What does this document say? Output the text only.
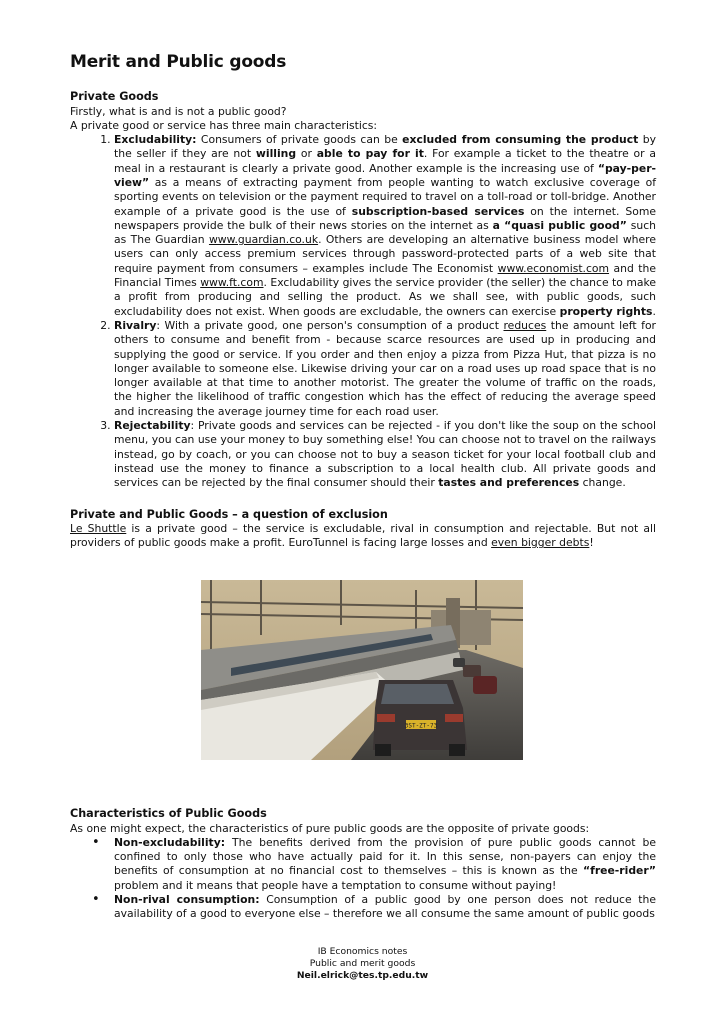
Merit and Public goods
Private Goods

Firstly, what is and is not a public good?

A private good or service has three main characteristics:

1. Excludability: Consumers of private goods can be excluded from consuming the product by the seller if they are not willing or able to pay for it. For example a ticket to the theatre or a meal in a restaurant is clearly a private good. Another example is the increasing use of “pay-per-view” as a means of extracting payment from people wanting to watch exclusive coverage of sporting events on television or the payment required to travel on a toll-road or toll-bridge. Another example of a private good is the use of subscription-based services on the internet. Some newspapers provide the bulk of their news stories on the internet as a “quasi public good” such as The Guardian www.guardian.co.uk. Others are developing an alternative business model where users can only access premium services through password-protected parts of a web site that require payment from consumers – examples include The Economist www.economist.com and the Financial Times www.ft.com. Excludability gives the service provider (the seller) the chance to make a profit from producing and selling the product. As we shall see, with public goods, such excludability does not exist. When goods are excludable, the owners can exercise property rights.
2. Rivalry: With a private good, one person's consumption of a product reduces the amount left for others to consume and benefit from - because scarce resources are used up in producing and supplying the good or service. If you order and then enjoy a pizza from Pizza Hut, that pizza is no longer available to someone else. Likewise driving your car on a road uses up road space that is no longer available at that time to another motorist. The greater the volume of traffic on the roads, the higher the likelihood of traffic congestion which has the effect of reducing the average speed and increasing the average journey time for each road user.
3. Rejectability: Private goods and services can be rejected - if you don't like the soup on the school menu, you can use your money to buy something else! You can choose not to travel on the railways instead, go by coach, or you can choose not to buy a season ticket for your local football club and instead use the money to finance a subscription to a local health club. All private goods and services can be rejected by the final consumer should their tastes and preferences change.
Private and Public Goods – a question of exclusion

Le Shuttle is a private good – the service is excludable, rival in consumption and rejectable. But not all providers of public goods make a profit. EuroTunnel is facing large losses and even bigger debts!

3ST-ZT-73
Characteristics of Public Goods

As one might expect, the characteristics of pure public goods are the opposite of private goods:

• Non-excludability: The benefits derived from the provision of pure public goods cannot be confined to only those who have actually paid for it. In this sense, non-payers can enjoy the benefits of consumption at no financial cost to themselves – this is known as the “free-rider” problem and it means that people have a temptation to consume without paying!
• Non-rival consumption: Consumption of a public good by one person does not reduce the availability of a good to everyone else – therefore we all consume the same amount of public goods
IB Economics notes
Public and merit goods
Neil.elrick@tes.tp.edu.tw
